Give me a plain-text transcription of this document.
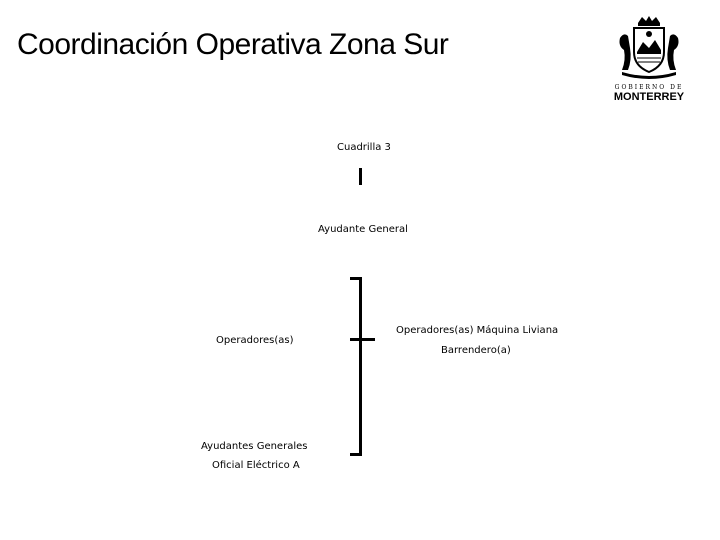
Coordinación Operativa Zona Sur
GOBIERNO DE
MONTERREY
Cuadrilla 3
Ayudante General
Operadores(as)
Ayudantes Generales
Oficial Eléctrico A
Operadores(as) Máquina Liviana
Barrendero(a)
